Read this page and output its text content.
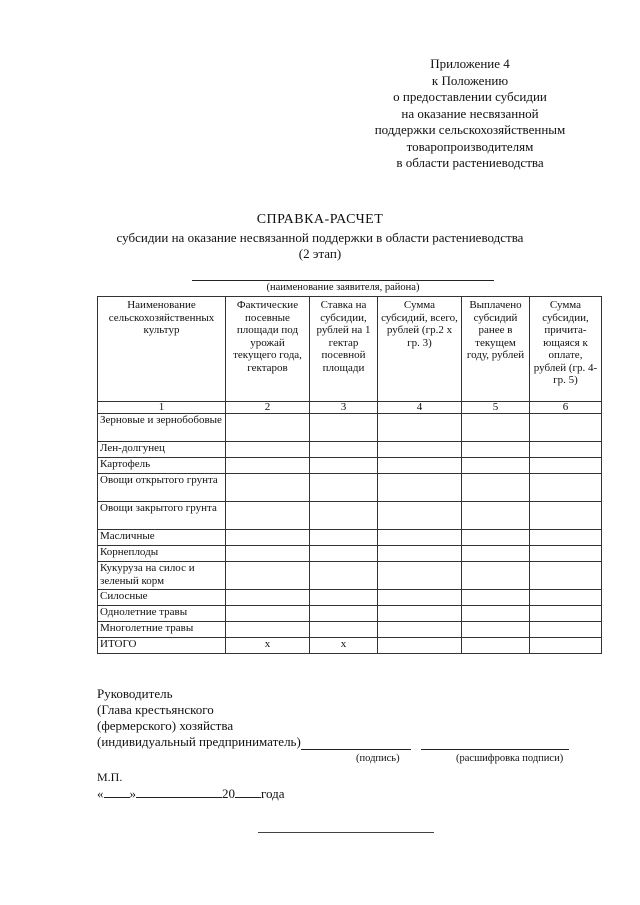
Приложение 4
к Положению
о предоставлении субсидии
на оказание несвязанной
поддержки сельскохозяйственным
товаропроизводителям
в области растениеводства
СПРАВКА-РАСЧЕТ
субсидии на оказание несвязанной поддержки в области растениеводства
(2 этап)
(наименование заявителя, района)
Наименование сельскохозяйственных культур	Фактические посевные площади под урожай текущего года, гектаров	Ставка на субсидии, рублей на 1 гектар посевной площади	Сумма субсидий, всего, рублей (гр.2 х гр. 3)	Выплачено субсидий ранее в текущем году, рублей	Сумма субсидии, причита-ющаяся к оплате, рублей (гр. 4- гр. 5)
1	2	3	4	5	6
Зерновые и зернобобовые					
Лен-долгунец					
Картофель					
Овощи открытого грунта					
Овощи закрытого грунта					
Масличные					
Корнеплоды					
Кукуруза на силос и зеленый корм					
Силосные					
Однолетние травы					
Многолетние травы					
ИТОГО	x	x			
Руководитель
(Глава крестьянского
(фермерского) хозяйства
(индивидуальный предприниматель)
(подпись)	(расшифровка подписи)
М.П.
« »	20 года
